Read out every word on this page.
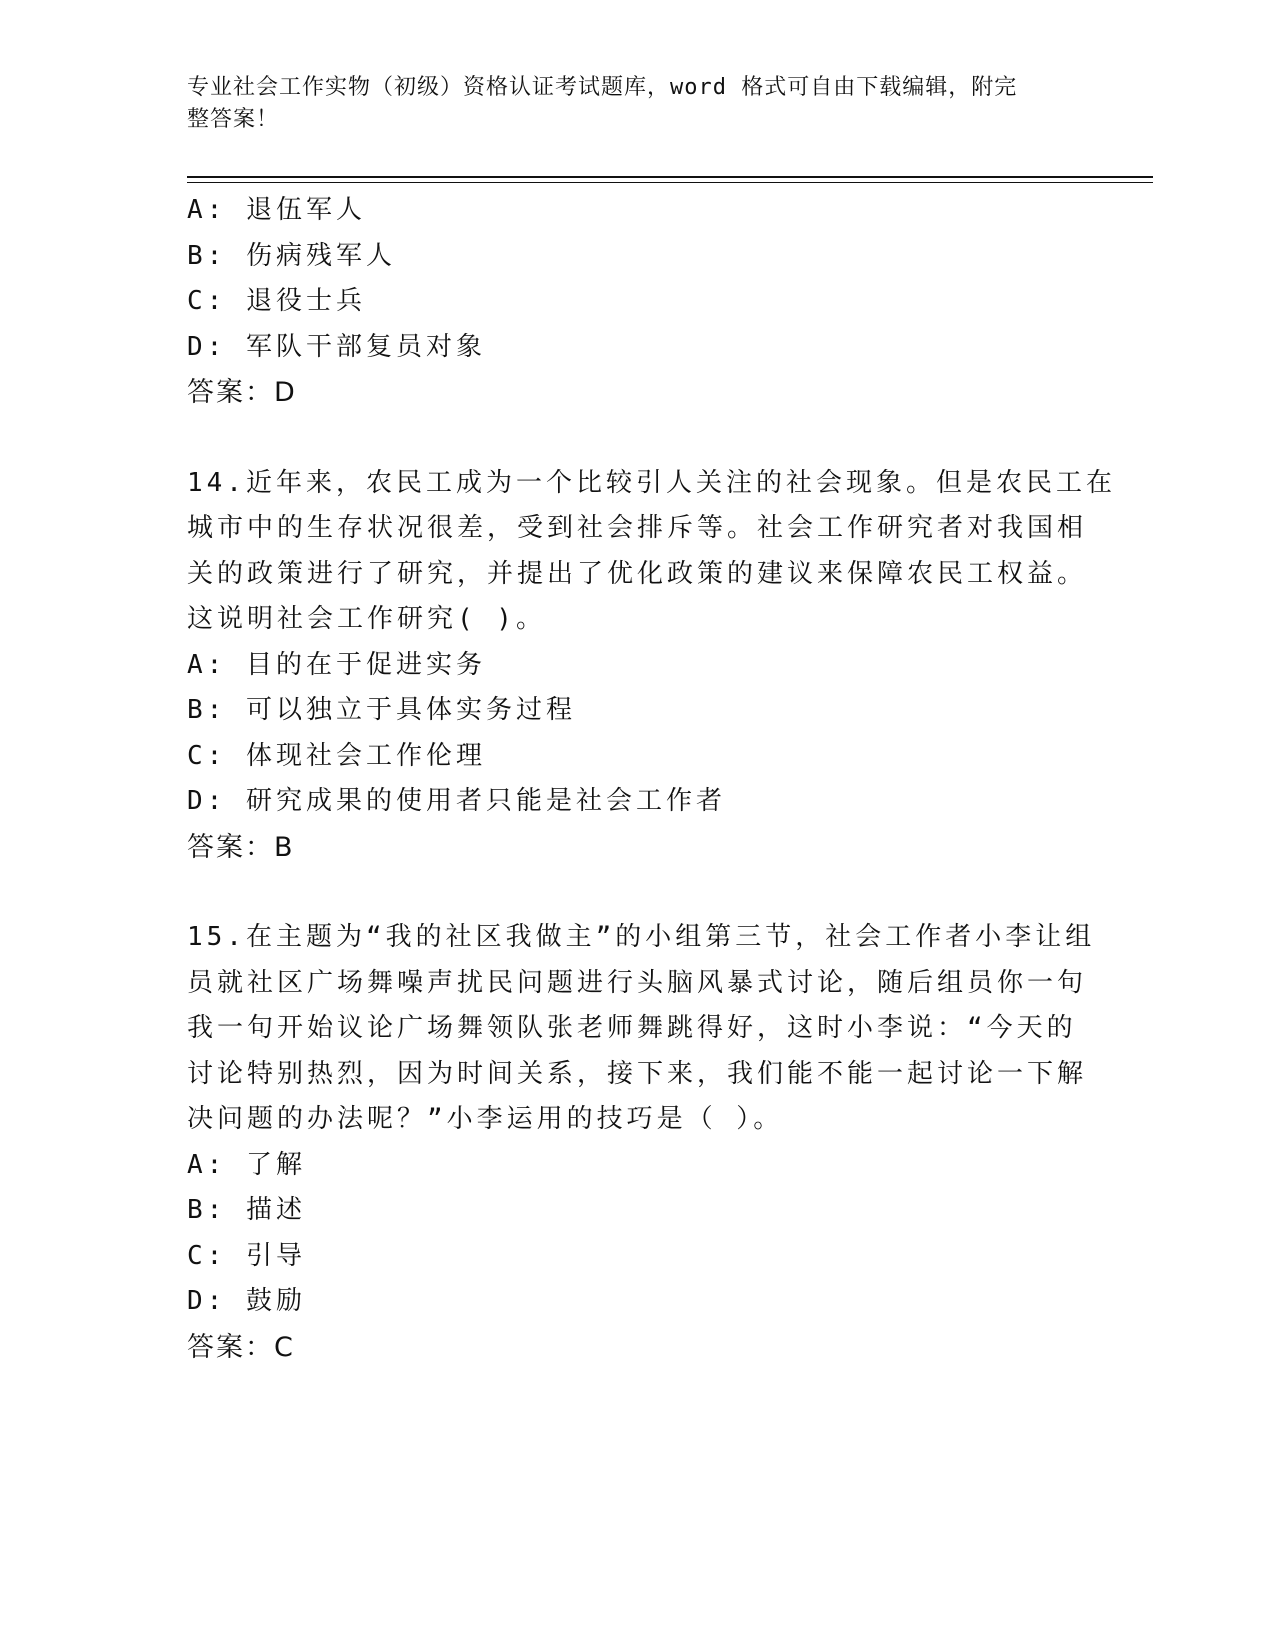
专业社会工作实物（初级）资格认证考试题库，word 格式可自由下载编辑，附完
整答案！
A: 退伍军人
B: 伤病残军人
C: 退役士兵
D: 军队干部复员对象
答案：D
14.近年来，农民工成为一个比较引人关注的社会现象。但是农民工在
城市中的生存状况很差，受到社会排斥等。社会工作研究者对我国相
关的政策进行了研究，并提出了优化政策的建议来保障农民工权益。
这说明社会工作研究( )。
A: 目的在于促进实务
B: 可以独立于具体实务过程
C: 体现社会工作伦理
D: 研究成果的使用者只能是社会工作者
答案：B
15.在主题为“我的社区我做主”的小组第三节，社会工作者小李让组
员就社区广场舞噪声扰民问题进行头脑风暴式讨论，随后组员你一句
我一句开始议论广场舞领队张老师舞跳得好，这时小李说：“今天的
讨论特别热烈，因为时间关系，接下来，我们能不能一起讨论一下解
决问题的办法呢？”小李运用的技巧是（ ）。
A: 了解
B: 描述
C: 引导
D: 鼓励
答案：C
